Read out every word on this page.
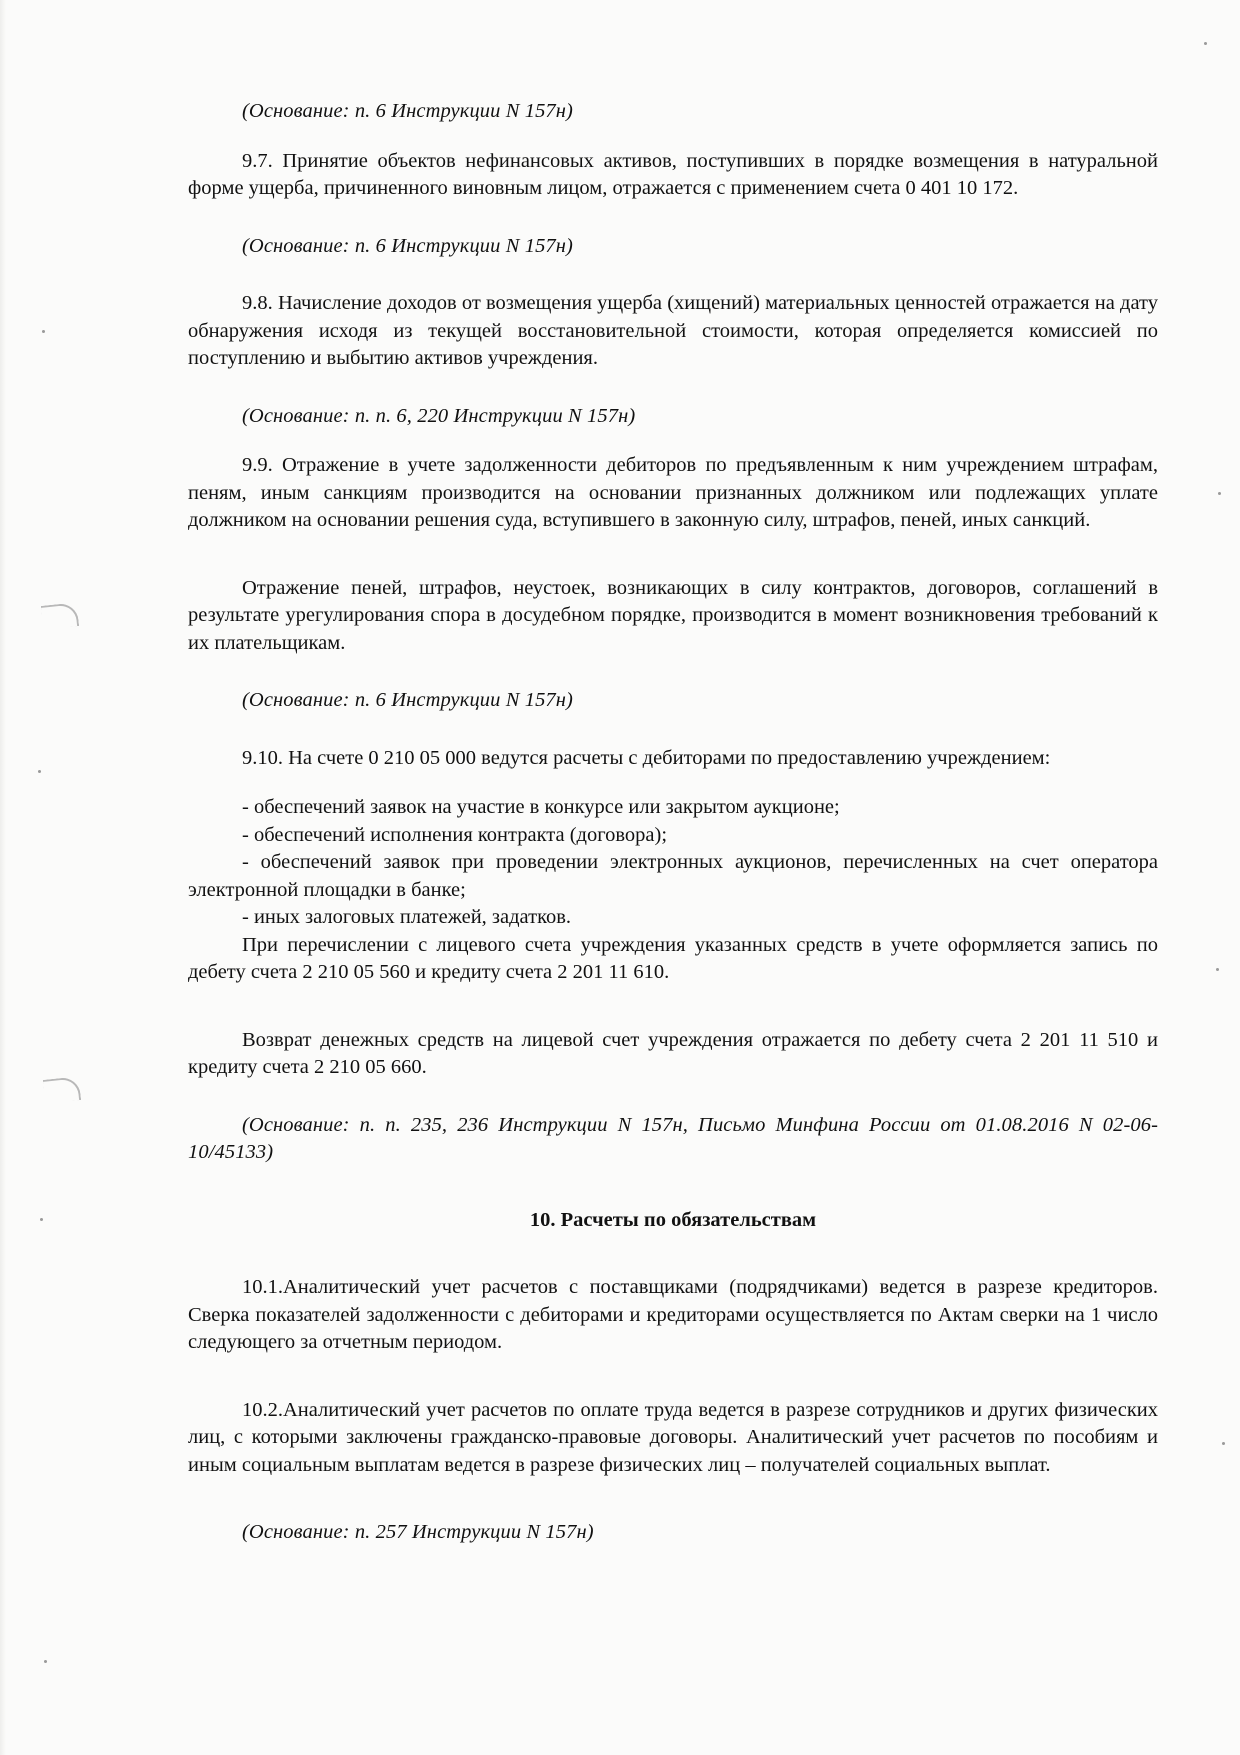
(Основание: п. 6 Инструкции N 157н)

9.7. Принятие объектов нефинансовых активов, поступивших в порядке возмещения в натуральной форме ущерба, причиненного виновным лицом, отражается с применением счета 0 401 10 172.

(Основание: п. 6 Инструкции N 157н)

9.8. Начисление доходов от возмещения ущерба (хищений) материальных ценностей отражается на дату обнаружения исходя из текущей восстановительной стоимости, которая определяется комиссией по поступлению и выбытию активов учреждения.

(Основание: п. п. 6, 220 Инструкции N 157н)

9.9. Отражение в учете задолженности дебиторов по предъявленным к ним учреждением штрафам, пеням, иным санкциям производится на основании признанных должником или подлежащих уплате должником на основании решения суда, вступившего в законную силу, штрафов, пеней, иных санкций.

Отражение пеней, штрафов, неустоек, возникающих в силу контрактов, договоров, соглашений в результате урегулирования спора в досудебном порядке, производится в момент возникновения требований к их плательщикам.

(Основание: п. 6 Инструкции N 157н)

9.10. На счете 0 210 05 000 ведутся расчеты с дебиторами по предоставлению учреждением:

- обеспечений заявок на участие в конкурсе или закрытом аукционе;

- обеспечений исполнения контракта (договора);

- обеспечений заявок при проведении электронных аукционов, перечисленных на счет оператора электронной площадки в банке;

- иных залоговых платежей, задатков.

При перечислении с лицевого счета учреждения указанных средств в учете оформляется запись по дебету счета 2 210 05 560 и кредиту счета 2 201 11 610.

Возврат денежных средств на лицевой счет учреждения отражается по дебету счета 2 201 11 510 и кредиту счета 2 210 05 660.

(Основание: п. п. 235, 236 Инструкции N 157н, Письмо Минфина России от 01.08.2016 N 02-06-10/45133)

10. Расчеты по обязательствам

10.1.Аналитический учет расчетов с поставщиками (подрядчиками) ведется в разрезе кредиторов. Сверка показателей задолженности с дебиторами и кредиторами осуществляется по Актам сверки на 1 число следующего за отчетным периодом.

10.2.Аналитический учет расчетов по оплате труда ведется в разрезе сотрудников и других физических лиц, с которыми заключены гражданско-правовые договоры. Аналитический учет расчетов по пособиям и иным социальным выплатам ведется в разрезе физических лиц – получателей социальных выплат.

(Основание: п. 257 Инструкции N 157н)
